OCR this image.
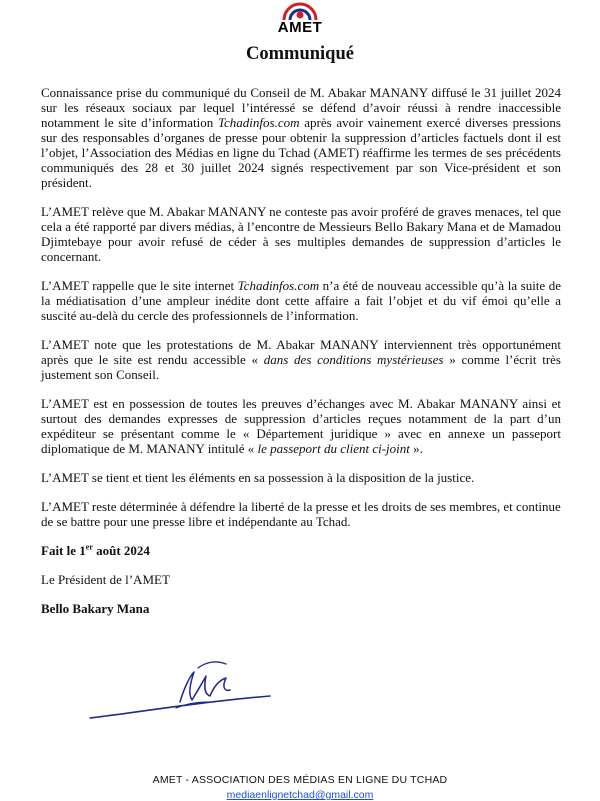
AMET
Communiqué

Connaissance prise du communiqué du Conseil de M. Abakar MANANY diffusé le 31 juillet 2024 sur les réseaux sociaux par lequel l’intéressé se défend d’avoir réussi à rendre inaccessible notamment le site d’information Tchadinfos.com après avoir vainement exercé diverses pressions sur des responsables d’organes de presse pour obtenir la suppression d’articles factuels dont il est l’objet, l’Association des Médias en ligne du Tchad (AMET) réaffirme les termes de ses précédents communiqués des 28 et 30 juillet 2024 signés respectivement par son Vice-président et son président.

L’AMET relève que M. Abakar MANANY ne conteste pas avoir proféré de graves menaces, tel que cela a été rapporté par divers médias, à l’encontre de Messieurs Bello Bakary Mana et de Mamadou Djimtebaye pour avoir refusé de céder à ses multiples demandes de suppression d’articles le concernant.

L’AMET rappelle que le site internet Tchadinfos.com n’a été de nouveau accessible qu’à la suite de la médiatisation d’une ampleur inédite dont cette affaire a fait l’objet et du vif émoi qu’elle a suscité au-delà du cercle des professionnels de l’information.

L’AMET note que les protestations de M. Abakar MANANY interviennent très opportunément après que le site est rendu accessible « dans des conditions mystérieuses » comme l’écrit très justement son Conseil.

L’AMET est en possession de toutes les preuves d’échanges avec M. Abakar MANANY ainsi et surtout des demandes expresses de suppression d’articles reçues notamment de la part d’un expéditeur se présentant comme le « Département juridique » avec en annexe un passeport diplomatique de M. MANANY intitulé « le passeport du client ci-joint ».

L’AMET se tient et tient les éléments en sa possession à la disposition de la justice.

L’AMET reste déterminée à défendre la liberté de la presse et les droits de ses membres, et continue de se battre pour une presse libre et indépendante au Tchad.

Fait le 1er août 2024

Le Président de l’AMET

Bello Bakary Mana

AMET - ASSOCIATION DES MÉDIAS EN LIGNE DU TCHAD
mediaenlignetchad@gmail.com
